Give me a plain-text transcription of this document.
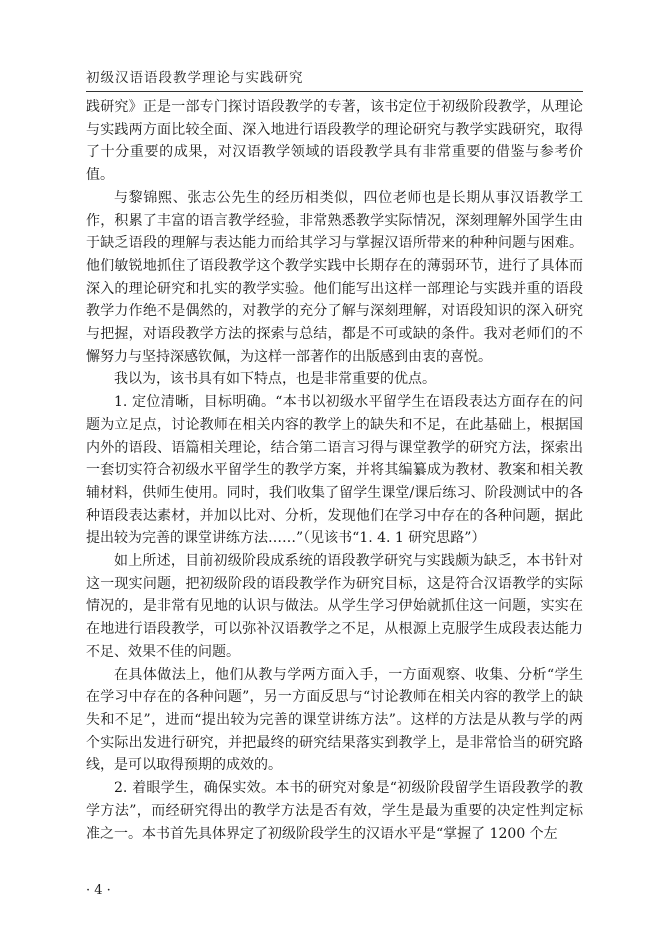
初级汉语语段教学理论与实践研究

践研究》正是一部专门探讨语段教学的专著，该书定位于初级阶段教学，从理论与实践两方面比较全面、深入地进行语段教学的理论研究与教学实践研究，取得了十分重要的成果，对汉语教学领域的语段教学具有非常重要的借鉴与参考价值。

与黎锦熙、张志公先生的经历相类似，四位老师也是长期从事汉语教学工作，积累了丰富的语言教学经验，非常熟悉教学实际情况，深刻理解外国学生由于缺乏语段的理解与表达能力而给其学习与掌握汉语所带来的种种问题与困难。他们敏锐地抓住了语段教学这个教学实践中长期存在的薄弱环节，进行了具体而深入的理论研究和扎实的教学实验。他们能写出这样一部理论与实践并重的语段教学力作绝不是偶然的，对教学的充分了解与深刻理解，对语段知识的深入研究与把握，对语段教学方法的探索与总结，都是不可或缺的条件。我对老师们的不懈努力与坚持深感钦佩，为这样一部著作的出版感到由衷的喜悦。

我以为，该书具有如下特点，也是非常重要的优点。

1. 定位清晰，目标明确。“本书以初级水平留学生在语段表达方面存在的问题为立足点，讨论教师在相关内容的教学上的缺失和不足，在此基础上，根据国内外的语段、语篇相关理论，结合第二语言习得与课堂教学的研究方法，探索出一套切实符合初级水平留学生的教学方案，并将其编纂成为教材、教案和相关教辅材料，供师生使用。同时，我们收集了留学生课堂/课后练习、阶段测试中的各种语段表达素材，并加以比对、分析，发现他们在学习中存在的各种问题，据此提出较为完善的课堂讲练方法……”（见该书“1. 4. 1 研究思路”）

如上所述，目前初级阶段成系统的语段教学研究与实践颇为缺乏，本书针对这一现实问题，把初级阶段的语段教学作为研究目标，这是符合汉语教学的实际情况的，是非常有见地的认识与做法。从学生学习伊始就抓住这一问题，实实在在地进行语段教学，可以弥补汉语教学之不足，从根源上克服学生成段表达能力不足、效果不佳的问题。

在具体做法上，他们从教与学两方面入手，一方面观察、收集、分析“学生在学习中存在的各种问题”，另一方面反思与“讨论教师在相关内容的教学上的缺失和不足”，进而“提出较为完善的课堂讲练方法”。这样的方法是从教与学的两个实际出发进行研究，并把最终的研究结果落实到教学上，是非常恰当的研究路线，是可以取得预期的成效的。

2. 着眼学生，确保实效。本书的研究对象是“初级阶段留学生语段教学的教学方法”，而经研究得出的教学方法是否有效，学生是最为重要的决定性判定标准之一。本书首先具体界定了初级阶段学生的汉语水平是“掌握了 1200 个左

· 4 ·
